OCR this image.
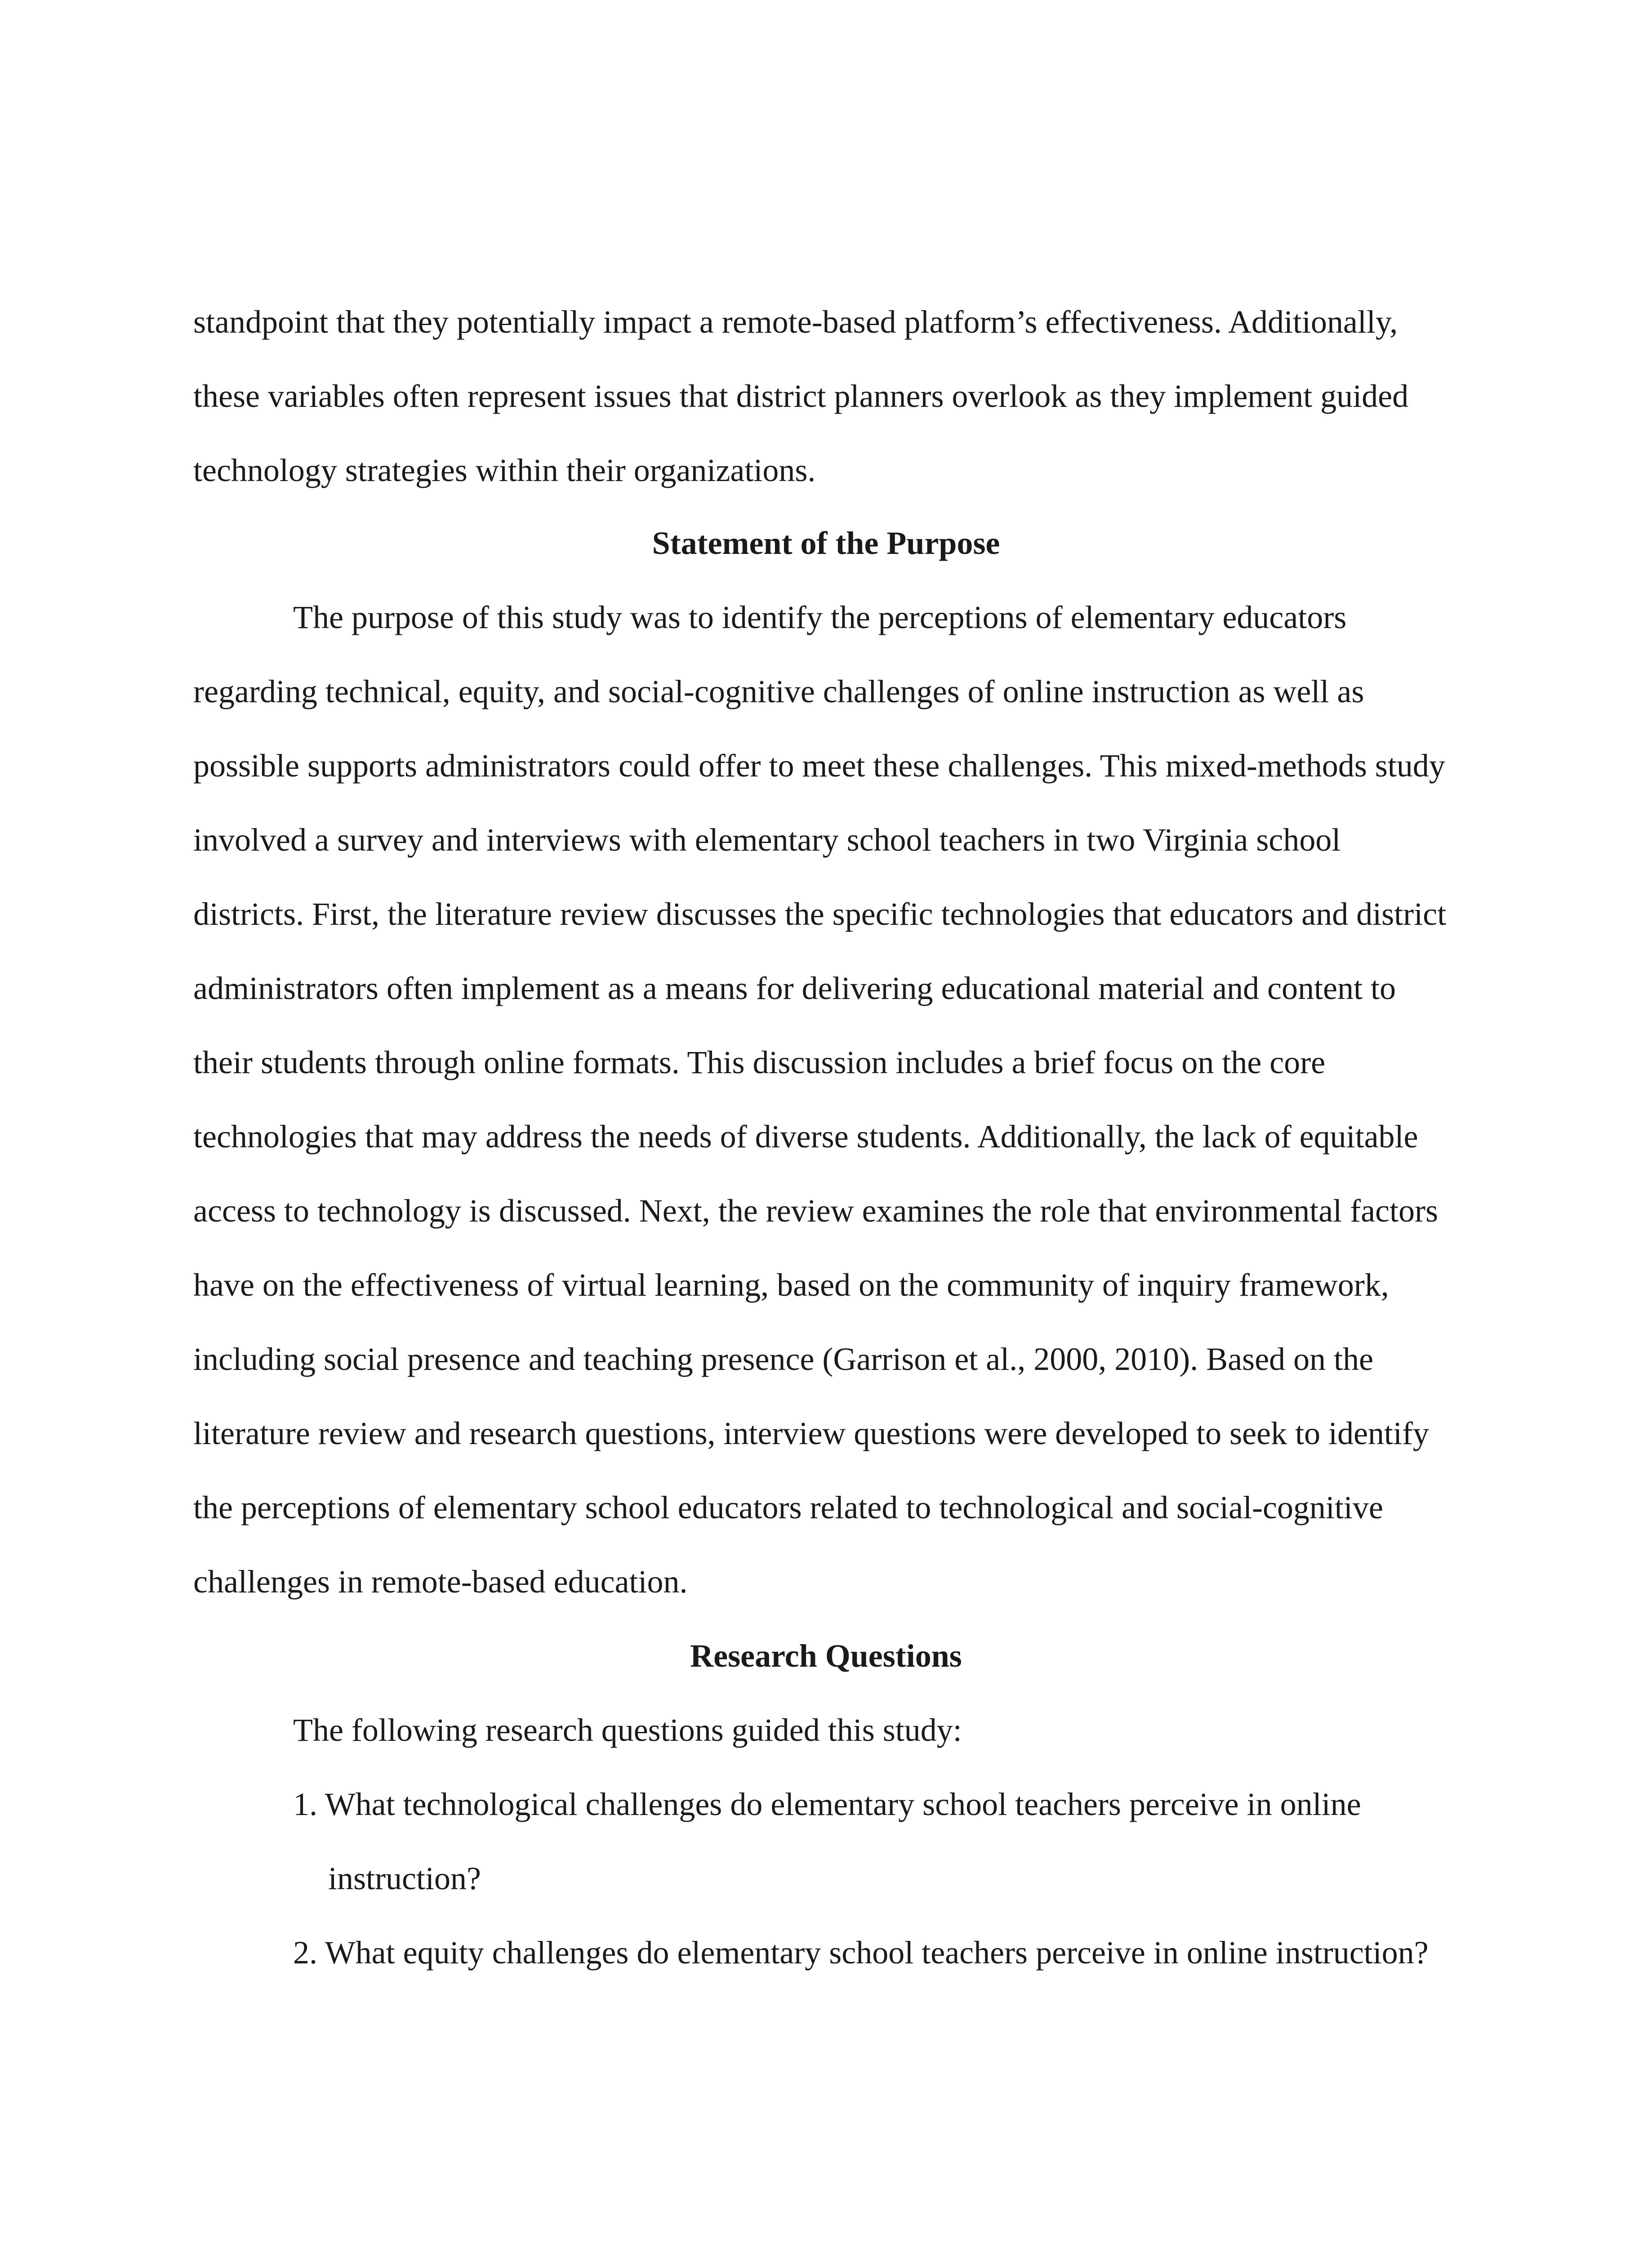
standpoint that they potentially impact a remote-based platform’s effectiveness. Additionally,
these variables often represent issues that district planners overlook as they implement guided
technology strategies within their organizations.
Statement of the Purpose
The purpose of this study was to identify the perceptions of elementary educators
regarding technical, equity, and social-cognitive challenges of online instruction as well as
possible supports administrators could offer to meet these challenges. This mixed-methods study
involved a survey and interviews with elementary school teachers in two Virginia school
districts. First, the literature review discusses the specific technologies that educators and district
administrators often implement as a means for delivering educational material and content to
their students through online formats. This discussion includes a brief focus on the core
technologies that may address the needs of diverse students. Additionally, the lack of equitable
access to technology is discussed. Next, the review examines the role that environmental factors
have on the effectiveness of virtual learning, based on the community of inquiry framework,
including social presence and teaching presence (Garrison et al., 2000, 2010). Based on the
literature review and research questions, interview questions were developed to seek to identify
the perceptions of elementary school educators related to technological and social-cognitive
challenges in remote-based education.
Research Questions
The following research questions guided this study:
1. What technological challenges do elementary school teachers perceive in online
instruction?
2. What equity challenges do elementary school teachers perceive in online instruction?
